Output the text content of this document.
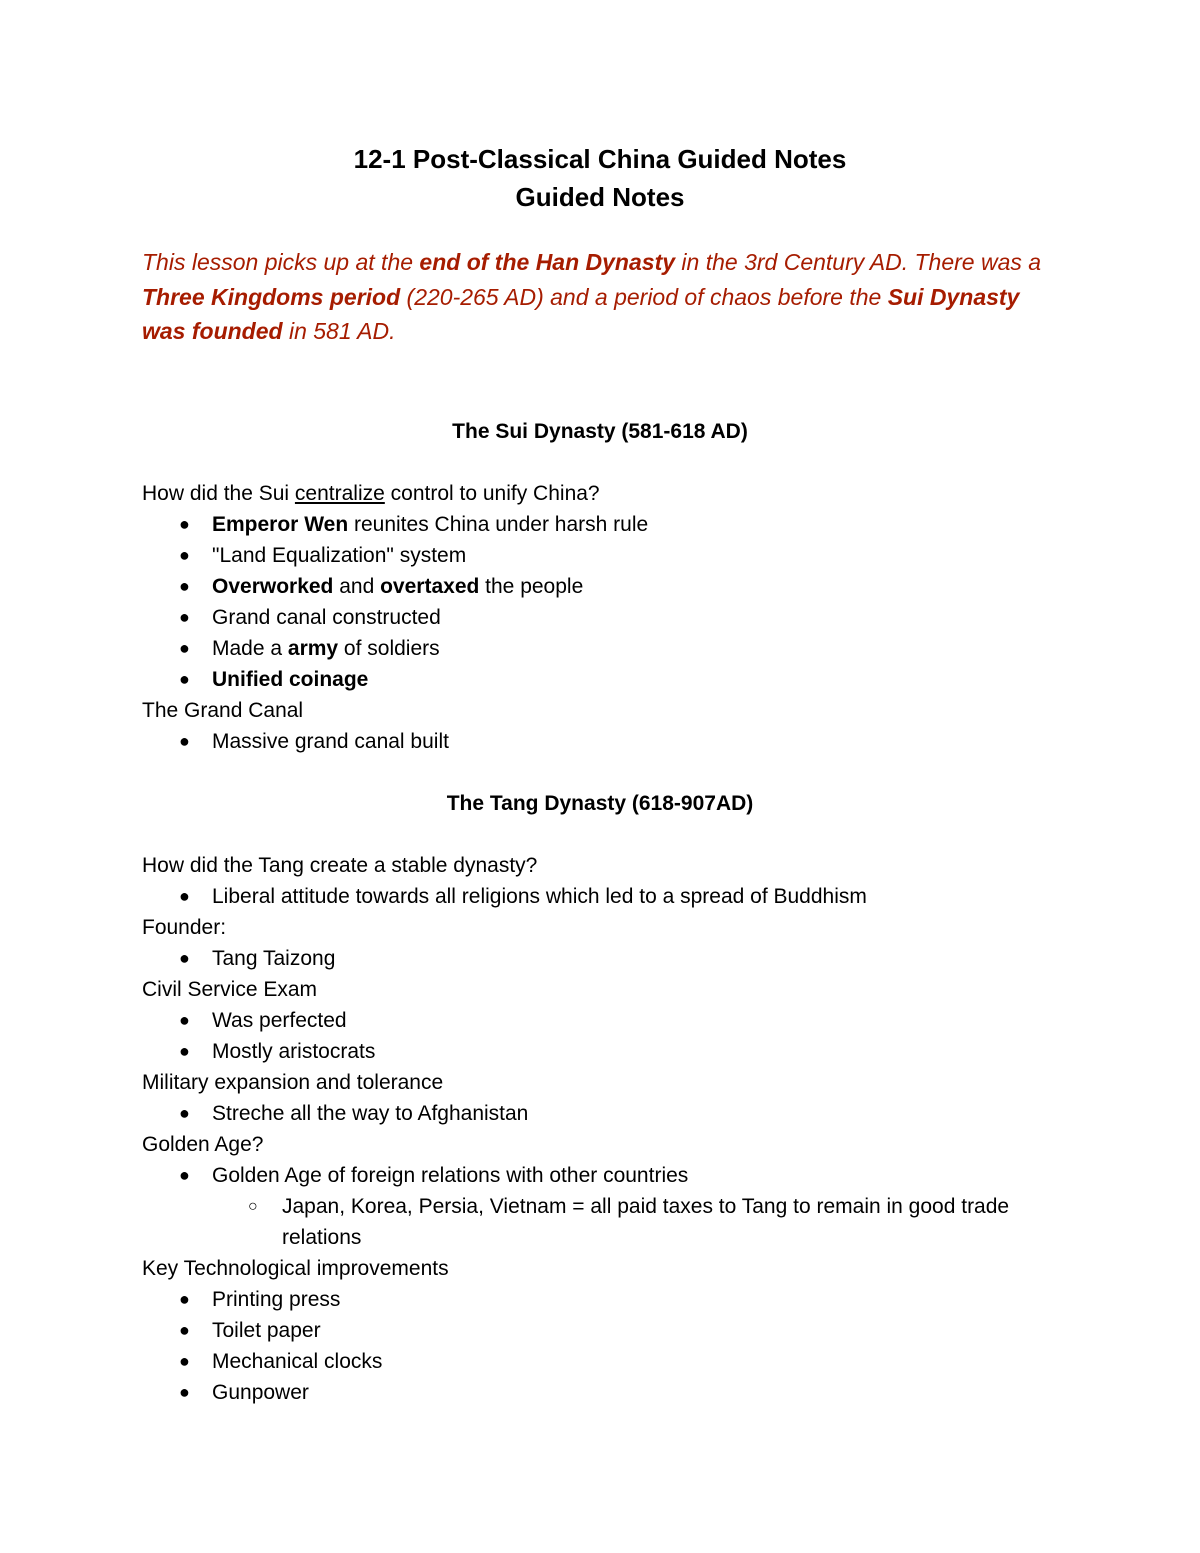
12-1 Post-Classical China Guided Notes
Guided Notes
This lesson picks up at the end of the Han Dynasty in the 3rd Century AD. There was a Three Kingdoms period (220-265 AD) and a period of chaos before the Sui Dynasty was founded in 581 AD.
The Sui Dynasty (581-618 AD)
How did the Sui centralize control to unify China?
● Emperor Wen reunites China under harsh rule
● "Land Equalization" system
● Overworked and overtaxed the people
● Grand canal constructed
● Made a army of soldiers
● Unified coinage
The Grand Canal
● Massive grand canal built
The Tang Dynasty (618-907AD)
How did the Tang create a stable dynasty?
● Liberal attitude towards all religions which led to a spread of Buddhism
Founder:
● Tang Taizong
Civil Service Exam
● Was perfected
● Mostly aristocrats
Military expansion and tolerance
● Streche all the way to Afghanistan
Golden Age?
● Golden Age of foreign relations with other countries
○ Japan, Korea, Persia, Vietnam = all paid taxes to Tang to remain in good trade relations
Key Technological improvements
● Printing press
● Toilet paper
● Mechanical clocks
● Gunpower
